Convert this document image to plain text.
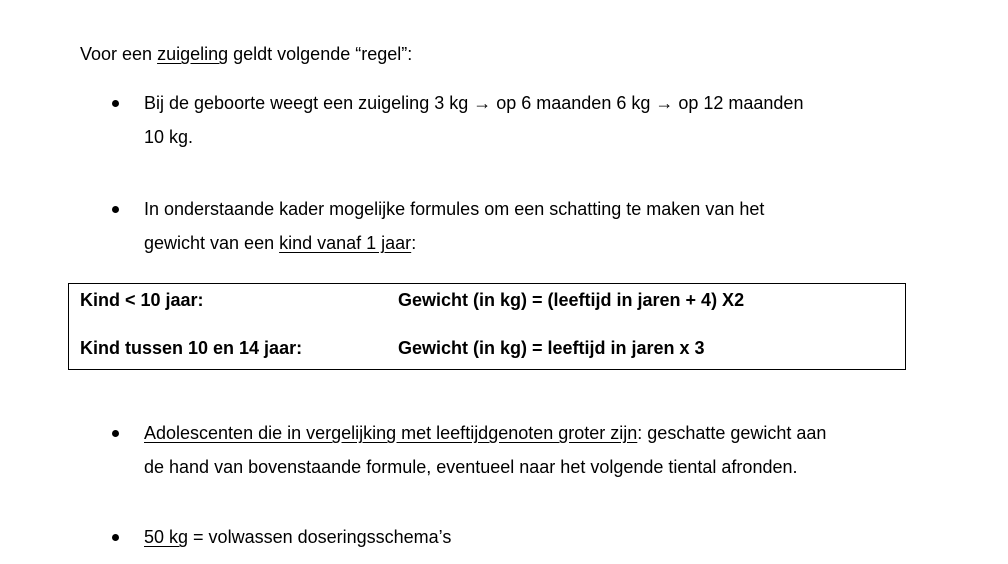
Voor een zuigeling geldt volgende “regel”:
Bij de geboorte weegt een zuigeling 3 kg → op 6 maanden 6 kg → op 12 maanden
10 kg.
In onderstaande kader mogelijke formules om een schatting te maken van het
gewicht van een kind vanaf 1 jaar:
Kind < 10 jaar:	Gewicht (in kg) = (leeftijd in jaren + 4) X2
Kind tussen 10 en 14 jaar:	Gewicht (in kg) = leeftijd in jaren x 3
Adolescenten die in vergelijking met leeftijdgenoten groter zijn: geschatte gewicht aan
de hand van bovenstaande formule, eventueel naar het volgende tiental afronden.
50 kg = volwassen doseringsschema’s
